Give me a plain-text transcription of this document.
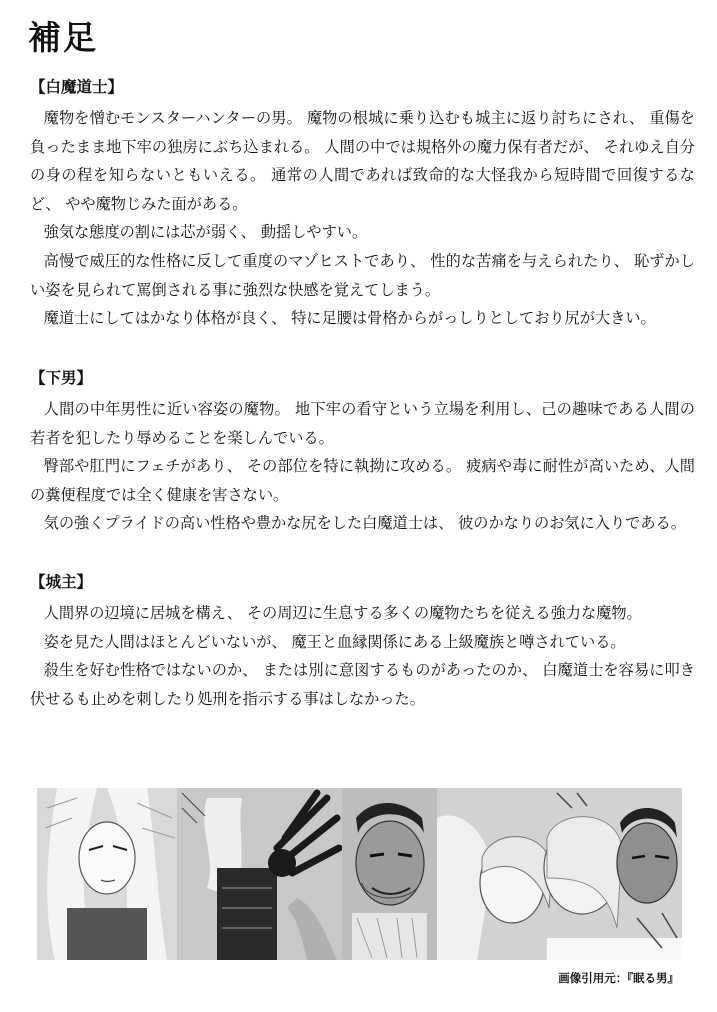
補足

【白魔道士】

魔物を憎むモンスターハンターの男。 魔物の根城に乗り込むも城主に返り討ちにされ、 重傷を負ったまま地下牢の独房にぶち込まれる。 人間の中では規格外の魔力保有者だが、 それゆえ自分の身の程を知らないともいえる。 通常の人間であれば致命的な大怪我から短時間で回復するなど、 やや魔物じみた面がある。

強気な態度の割には芯が弱く、 動揺しやすい。

高慢で威圧的な性格に反して重度のマゾヒストであり、 性的な苦痛を与えられたり、 恥ずかしい姿を見られて罵倒される事に強烈な快感を覚えてしまう。

魔道士にしてはかなり体格が良く、 特に足腰は骨格からがっしりとしており尻が大きい。

【下男】

人間の中年男性に近い容姿の魔物。 地下牢の看守という立場を利用し、己の趣味である人間の若者を犯したり辱めることを楽しんでいる。

臀部や肛門にフェチがあり、 その部位を特に執拗に攻める。 疲病や毒に耐性が高いため、人間の糞便程度では全く健康を害さない。

気の強くプライドの高い性格や豊かな尻をした白魔道士は、 彼のかなりのお気に入りである。

【城主】

人間界の辺境に居城を構え、 その周辺に生息する多くの魔物たちを従える強力な魔物。

姿を見た人間はほとんどいないが、 魔王と血縁関係にある上級魔族と噂されている。

殺生を好む性格ではないのか、 または別に意図するものがあったのか、 白魔道士を容易に叩き伏せるも止めを刺したり処刑を指示する事はしなかった。

画像引用元：『眠る男』
